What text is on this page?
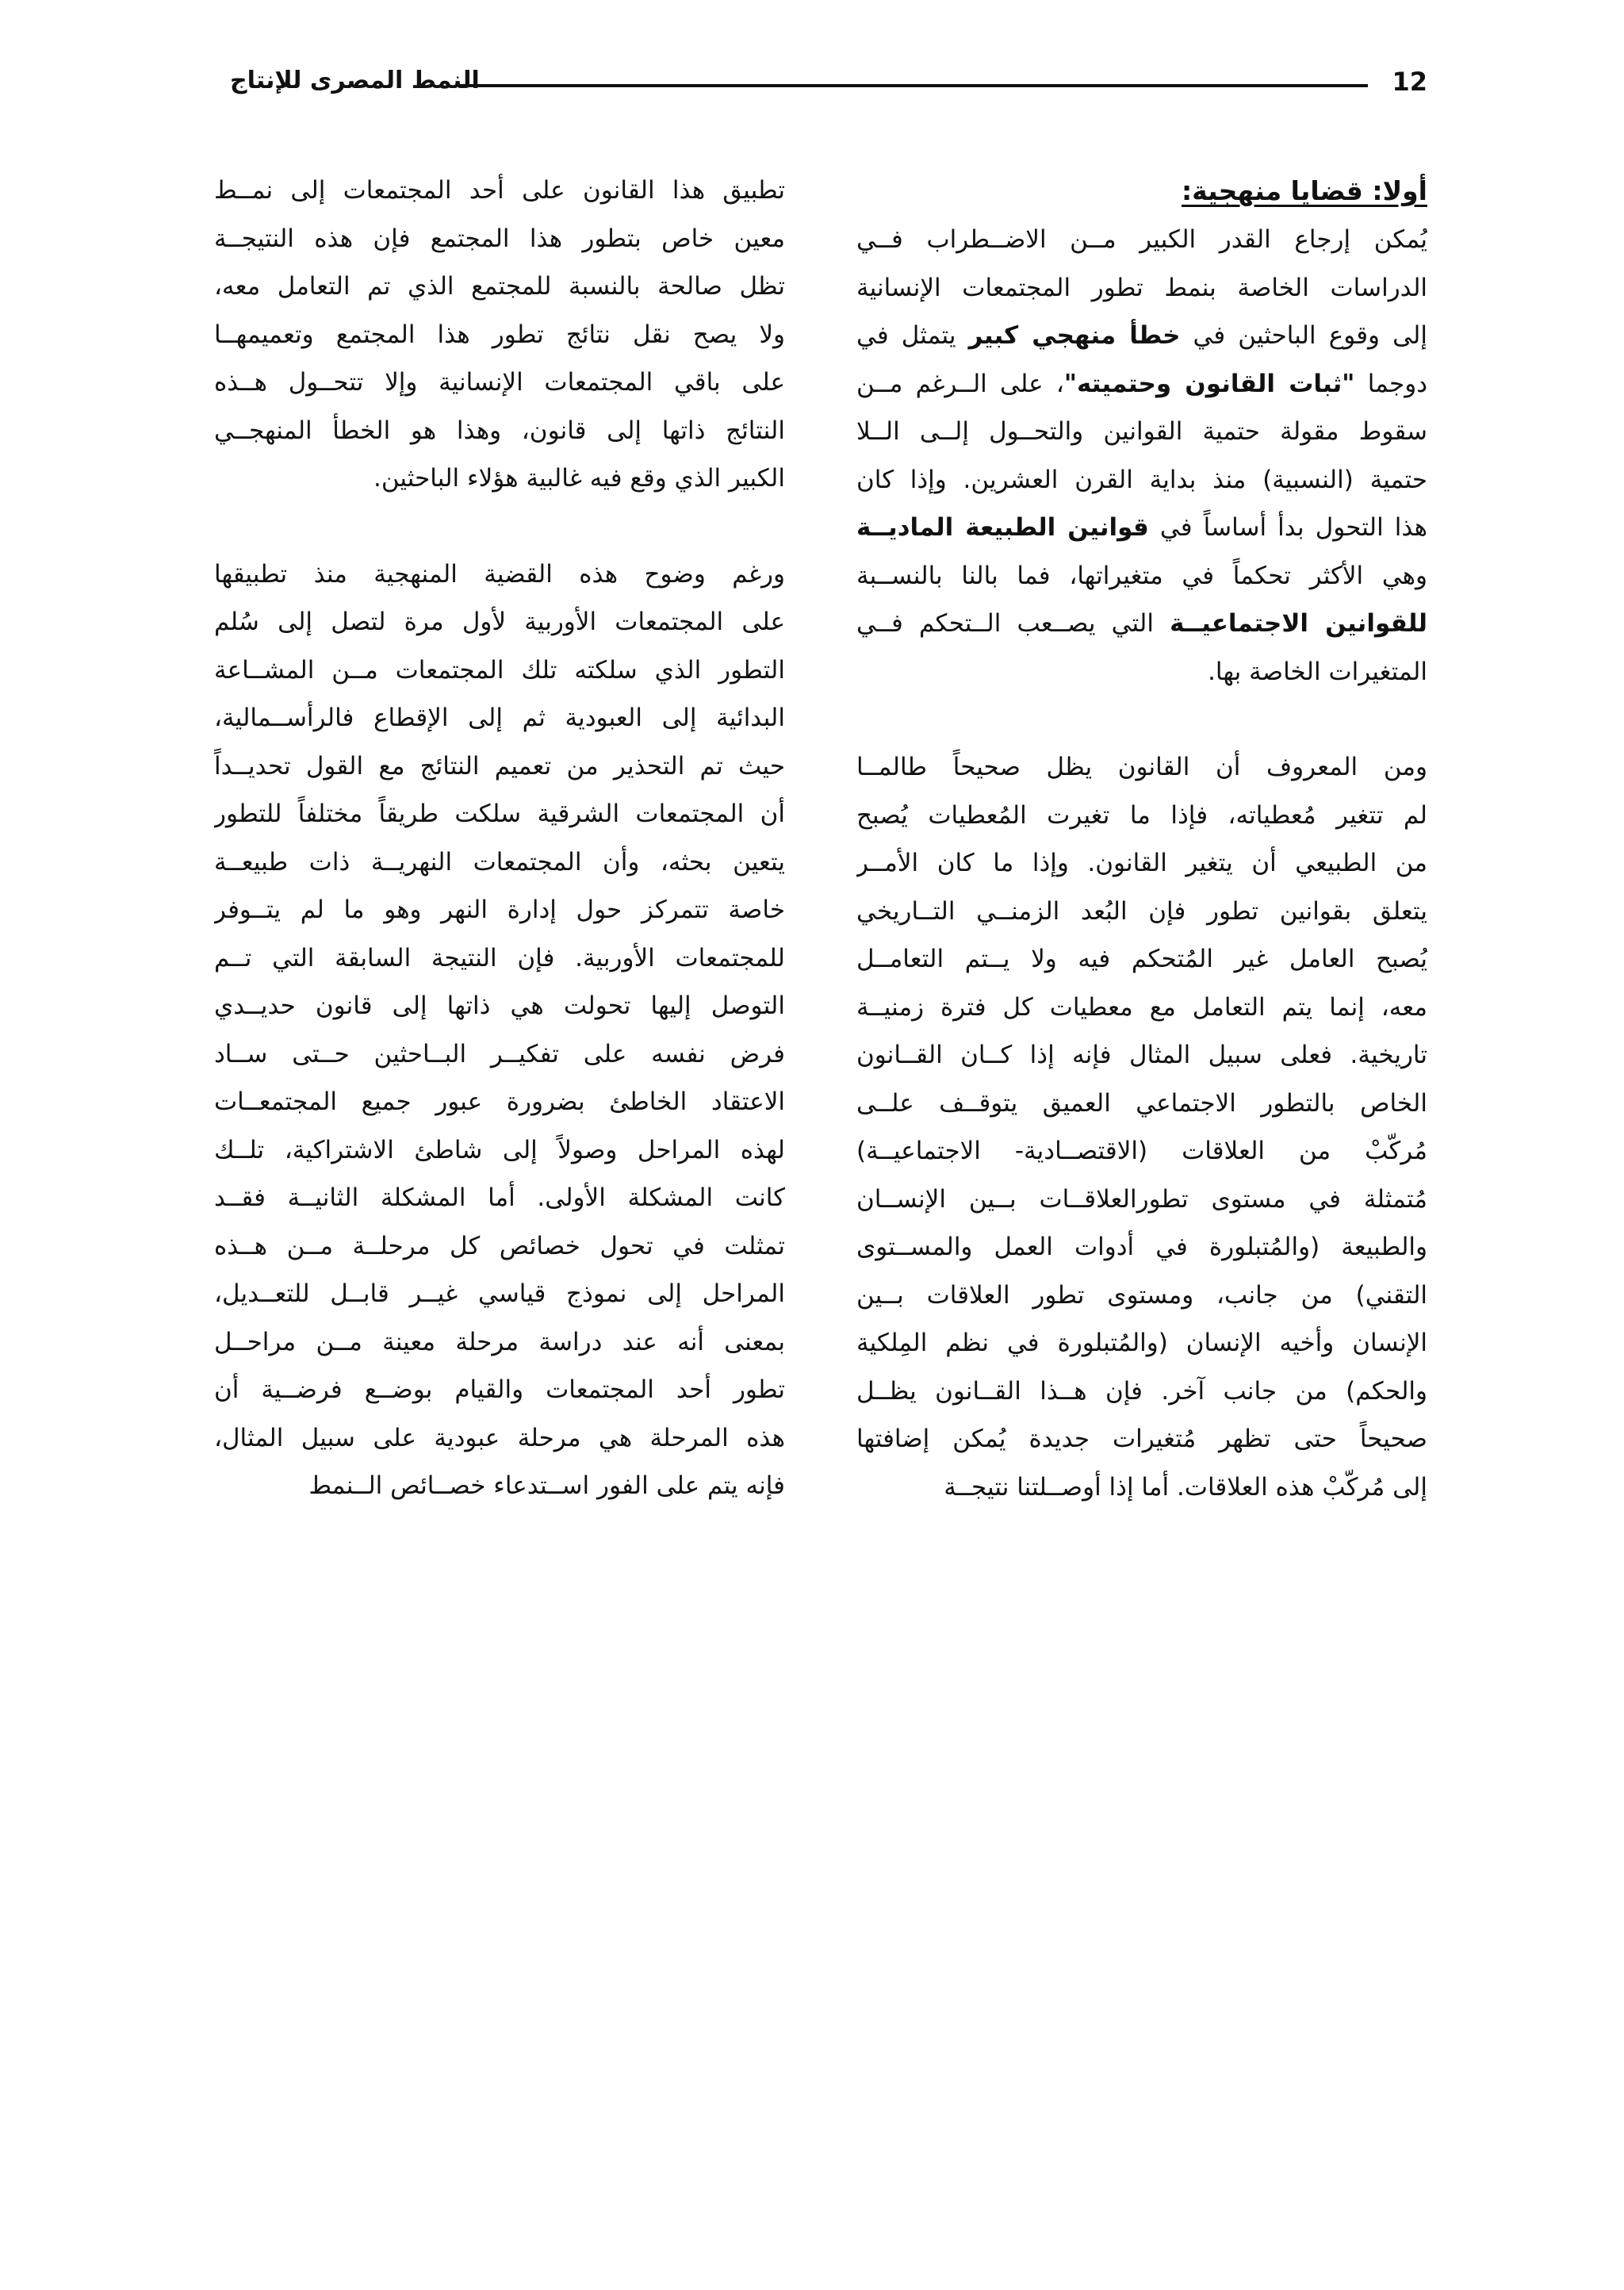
12
النمط المصرى للإنتاج
أولا: قضايا منهجية:
يُمكن إرجاع القدر الكبير مــن الاضــطراب فــي
الدراسات الخاصة بنمط تطور المجتمعات الإنسانية
إلى وقوع الباحثين في خطأ منهجي كبير يتمثل في
دوجما "ثبات القانون وحتميته"، على الــرغم مــن
سقوط مقولة حتمية القوانين والتحــول إلــى الــلا
حتمية (النسبية) منذ بداية القرن العشرين. وإذا كان
هذا التحول بدأ أساساً في قوانين الطبيعة الماديــة
وهي الأكثر تحكماً في متغيراتها، فما بالنا بالنســبة
للقوانين الاجتماعيــة التي يصــعب الــتحكم فــي
المتغيرات الخاصة بها.
ومن المعروف أن القانون يظل صحيحاً طالمــا
لم تتغير مُعطياته، فإذا ما تغيرت المُعطيات يُصبح
من الطبيعي أن يتغير القانون. وإذا ما كان الأمــر
يتعلق بقوانين تطور فإن البُعد الزمنــي التــاريخي
يُصبح العامل غير المُتحكم فيه ولا يــتم التعامــل
معه، إنما يتم التعامل مع معطيات كل فترة زمنيــة
تاريخية. فعلى سبيل المثال فإنه إذا كــان القــانون
الخاص بالتطور الاجتماعي العميق يتوقــف علــى
مُركّبْ من العلاقات (الاقتصــادية- الاجتماعيــة)
مُتمثلة في مستوى تطورالعلاقــات بــين الإنســان
والطبيعة (والمُتبلورة في أدوات العمل والمســتوى
التقني) من جانب، ومستوى تطور العلاقات بــين
الإنسان وأخيه الإنسان (والمُتبلورة في نظم المِلكية
والحكم) من جانب آخر. فإن هــذا القــانون يظــل
صحيحاً حتى تظهر مُتغيرات جديدة يُمكن إضافتها
إلى مُركّبْ هذه العلاقات. أما إذا أوصــلتنا نتيجــة
تطبيق هذا القانون على أحد المجتمعات إلى نمــط
معين خاص بتطور هذا المجتمع فإن هذه النتيجــة
تظل صالحة بالنسبة للمجتمع الذي تم التعامل معه،
ولا يصح نقل نتائج تطور هذا المجتمع وتعميمهــا
على باقي المجتمعات الإنسانية وإلا تتحــول هــذه
النتائج ذاتها إلى قانون، وهذا هو الخطأ المنهجــي
الكبير الذي وقع فيه غالبية هؤلاء الباحثين.
ورغم وضوح هذه القضية المنهجية منذ تطبيقها
على المجتمعات الأوربية لأول مرة لتصل إلى سُلم
التطور الذي سلكته تلك المجتمعات مــن المشــاعة
البدائية إلى العبودية ثم إلى الإقطاع فالرأســمالية،
حيث تم التحذير من تعميم النتائج مع القول تحديــداً
أن المجتمعات الشرقية سلكت طريقاً مختلفاً للتطور
يتعين بحثه، وأن المجتمعات النهريــة ذات طبيعــة
خاصة تتمركز حول إدارة النهر وهو ما لم يتــوفر
للمجتمعات الأوربية. فإن النتيجة السابقة التي تــم
التوصل إليها تحولت هي ذاتها إلى قانون حديــدي
فرض نفسه على تفكيــر البــاحثين حــتى ســاد
الاعتقاد الخاطئ بضرورة عبور جميع المجتمعــات
لهذه المراحل وصولاً إلى شاطئ الاشتراكية، تلــك
كانت المشكلة الأولى. أما المشكلة الثانيــة فقــد
تمثلت في تحول خصائص كل مرحلــة مــن هــذه
المراحل إلى نموذج قياسي غيــر قابــل للتعــديل،
بمعنى أنه عند دراسة مرحلة معينة مــن مراحــل
تطور أحد المجتمعات والقيام بوضــع فرضــية أن
هذه المرحلة هي مرحلة عبودية على سبيل المثال،
فإنه يتم على الفور اســتدعاء خصــائص الــنمط
